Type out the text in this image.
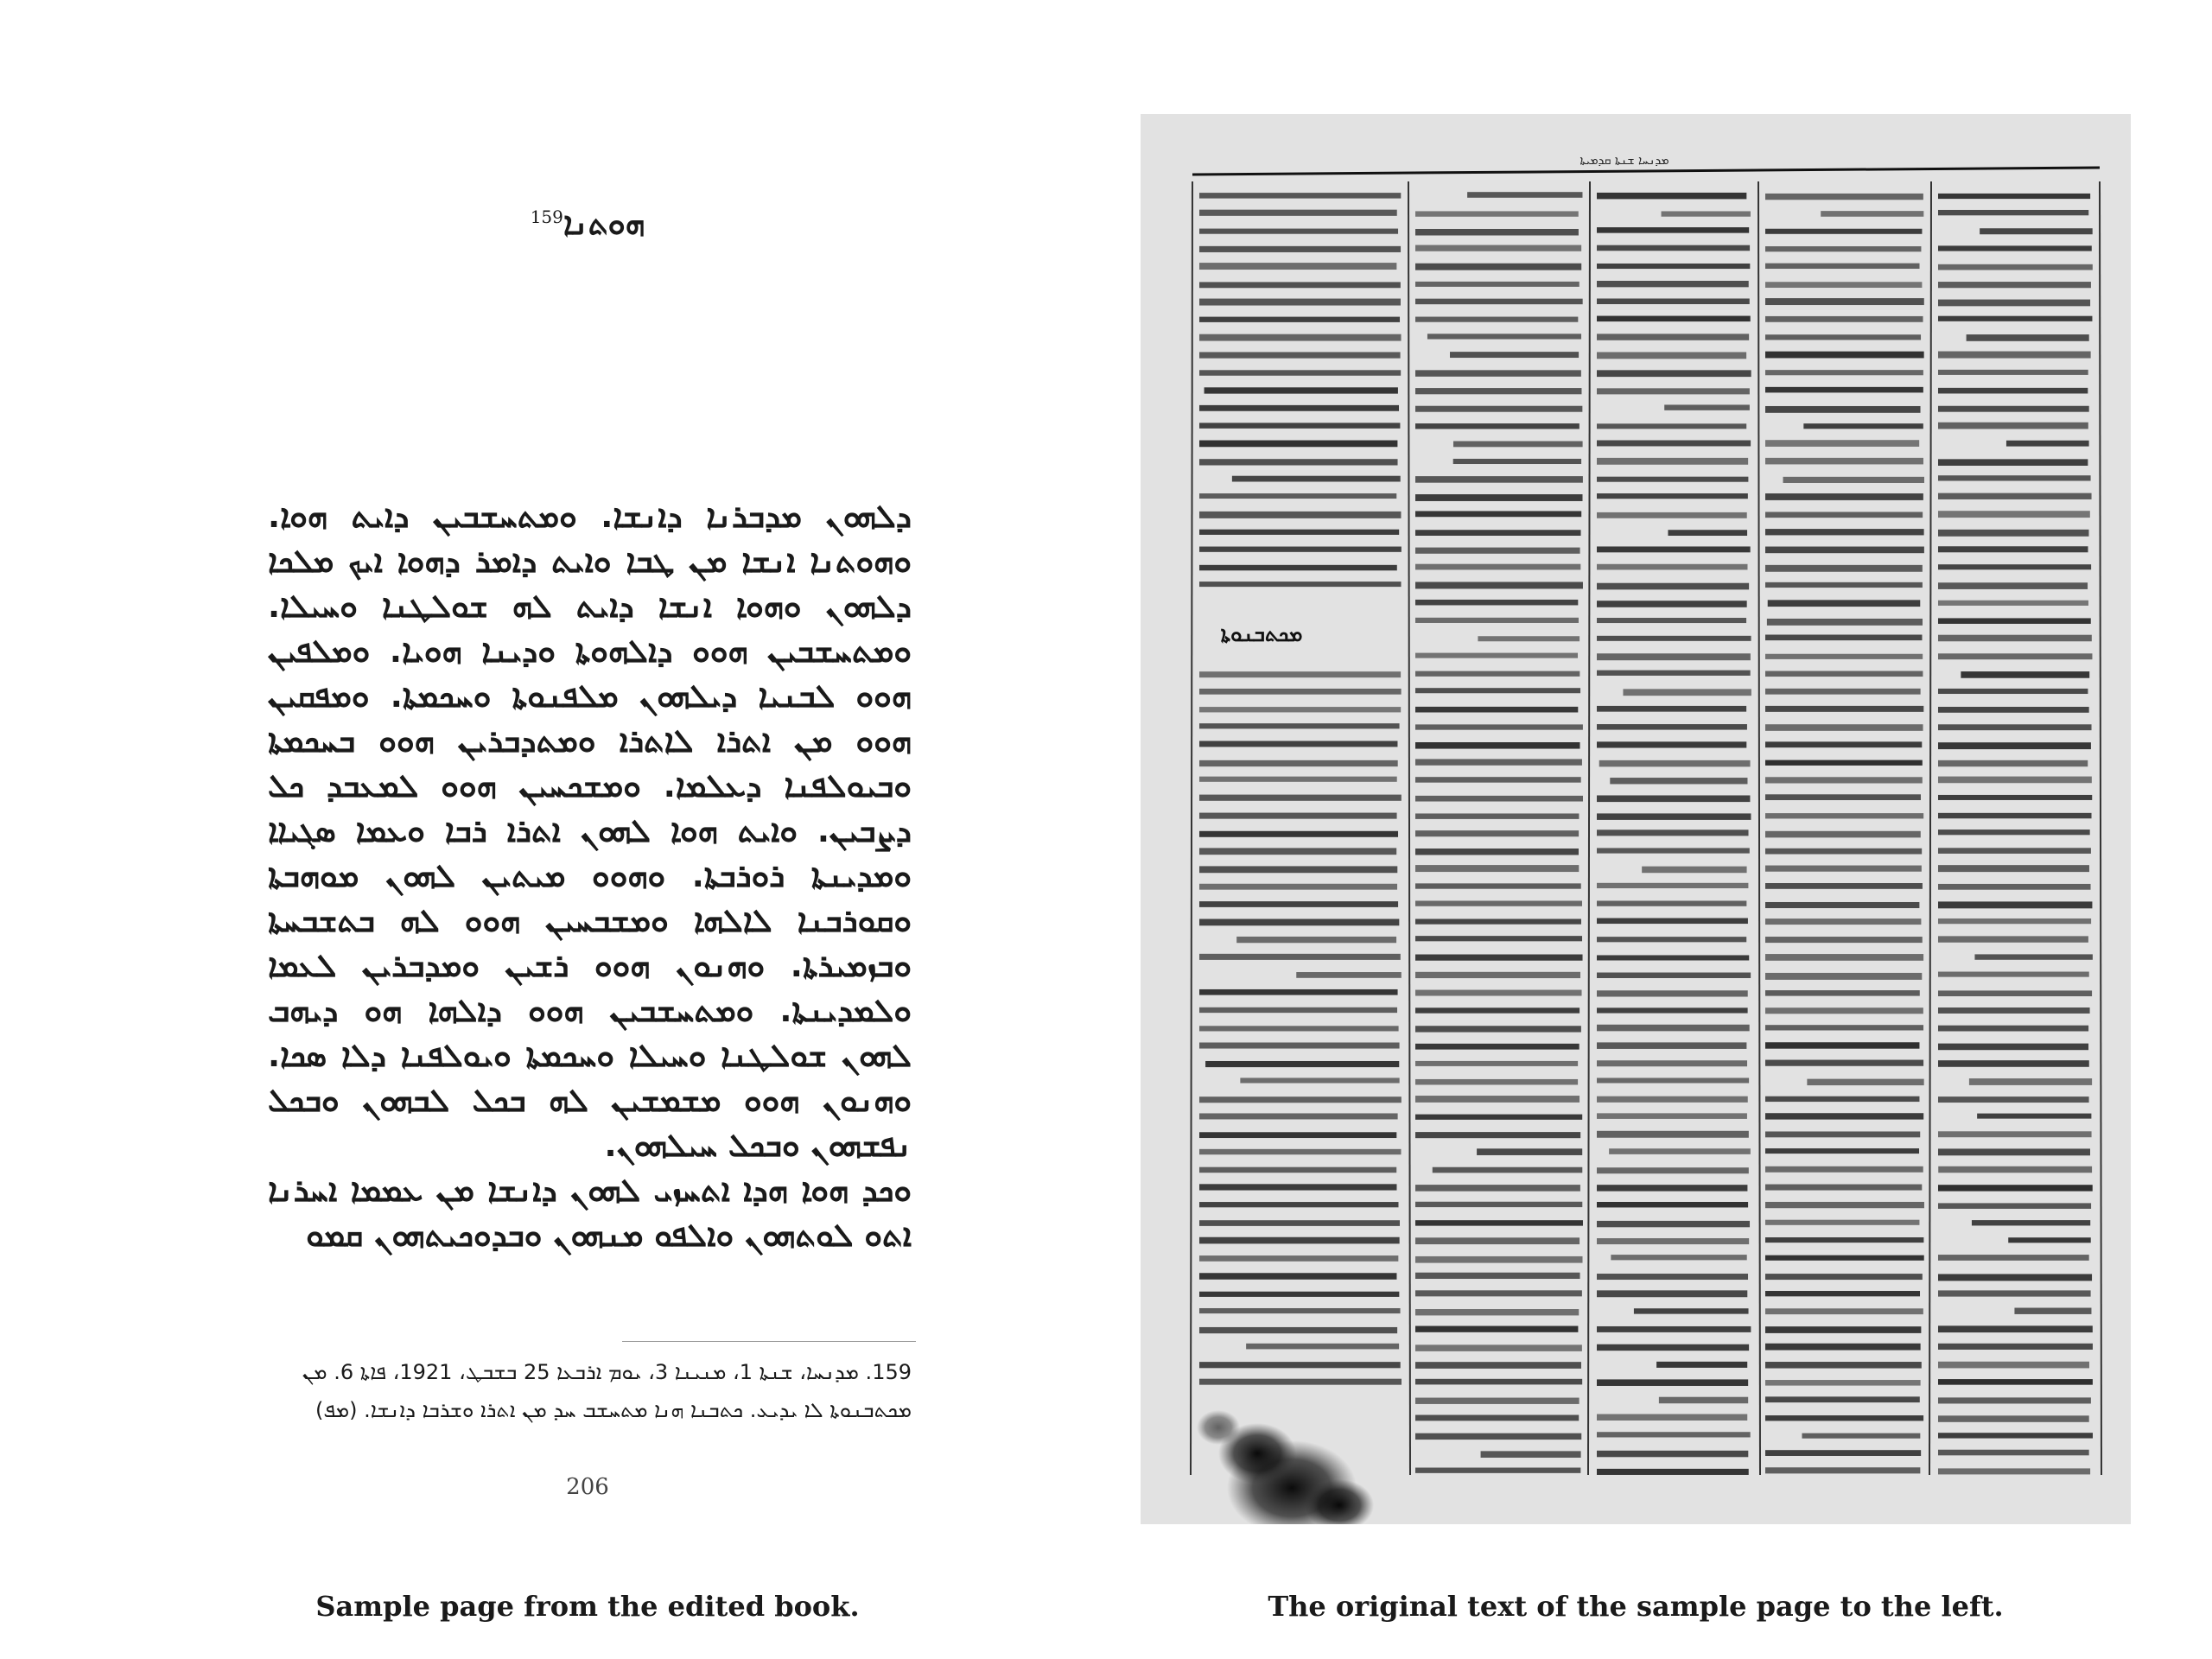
ܗܘܬܢܐ$^{159}$

ܕܠܗܘܢ ܡܕܒܪܢܐ ܕܐܢܫܐ. ܘܡܬܚܫܒܝܢ ܕܐܝܬ ܗܘܐ. ܘܗܘܬܢܐ ܐܢܫܐ ܡܢ ܛܒܐ ܘܐܝܬ ܕܐܡܪ ܕܗܘܐ ܐܝܟ ܡܠܟܐ ܕܠܗܘܢ ܘܗܘܐ ܐܢܫܐ ܕܐܝܬ ܠܗ ܫܘܠܛܢܐ ܘܚܝܠܐ. ܘܡܬܚܫܒܝܢ ܗܘܘ ܕܐܠܗܘܬܐ ܘܕܝܢܐ ܗܘܝܐ. ܘܡܠܦܝܢ ܗܘܘ ܠܒܢܝܐ ܕܝܠܗܘܢ ܡܠܦܢܘܬܐ ܘܚܟܡܬܐ. ܘܡܦܩܝܢ ܗܘܘ ܡܢ ܐܬܪܐ ܠܐܬܪܐ ܘܡܬܕܒܪܝܢ ܗܘܘ ܒܚܟܡܬܐ ܘܒܝܘܠܦܢܐ ܕܥܠܡܐ. ܘܡܫܟܚܝܢ ܗܘܘ ܠܡܥܒܕ ܟܠ ܕܨܒܝܢ. ܘܐܝܬ ܗܘܐ ܠܗܘܢ ܐܬܪܐ ܪܒܐ ܘܥܡܐ ܣܓܝܐܐ ܘܡܕܝܢܬܐ ܪܘܪܒܬܐ. ܘܗܘܘ ܡܝܬܝܢ ܠܗܘܢ ܡܘܗܒܬܐ ܘܩܘܪܒܢܐ ܠܐܠܗܐ ܘܡܫܒܚܝܢ ܗܘܘ ܠܗ ܒܬܫܒܚܬܐ ܘܒܙܡܝܪܬܐ. ܘܗܢܘܢ ܗܘܘ ܪܫܝܢ ܘܡܕܒܪܝܢ ܠܥܡܐ ܘܠܡܕܝܢܬܐ. ܘܡܬܚܫܒܝܢ ܗܘܘ ܕܐܠܗܐ ܗܘ ܕܝܗܒ ܠܗܘܢ ܫܘܠܛܢܐ ܘܚܝܠܐ ܘܚܟܡܬܐ ܘܝܘܠܦܢܐ ܕܠܐ ܣܟܐ. ܘܗܢܘܢ ܗܘܘ ܡܫܡܫܝܢ ܠܗ ܒܟܠ ܠܒܗܘܢ ܘܒܟܠ ܢܦܫܗܘܢ ܘܒܟܠ ܚܝܠܗܘܢ.

ܘܟܕ ܗܘܐ ܗܕܐ ܐܬܚܙܝ ܠܗܘܢ ܕܐܢܫܐ ܡܢ ܥܡܡܐ ܐܚܪܢܐ ܐܬܘ ܠܘܬܗܘܢ ܘܐܠܦܘ ܡܢܗܘܢ ܘܒܕܘܟܝܬܗܘܢ ܩܡܘ

159. ܡܕܢܚܐ، ܫܢܬܐ 1، ܡܢܝܢܐ 3، ܝܘܡ ܐܪܒܥܐ 25 ܒܫܒܛ، 1921، ܦܐܬܐ 6. ܡܢ

ܡܟܬܒܢܘܬܐ ܠܐ ܝܕܝܥ. ܟܬܒܢܐ ܗܢܐ ܡܬܚܫܒ ܚܕ ܡܢ ܐܬܪܐ ܘܫܪܒܐ ܕܐܢܫܐ. (ܡܦ)

206
ܡܕܢܚܐ ܫܢܬܐ ܩܕܡܝܬܐ
ܡܟܬܒܢܘܬܐ
Sample page from the edited book.	The original text of the sample page to the left.
